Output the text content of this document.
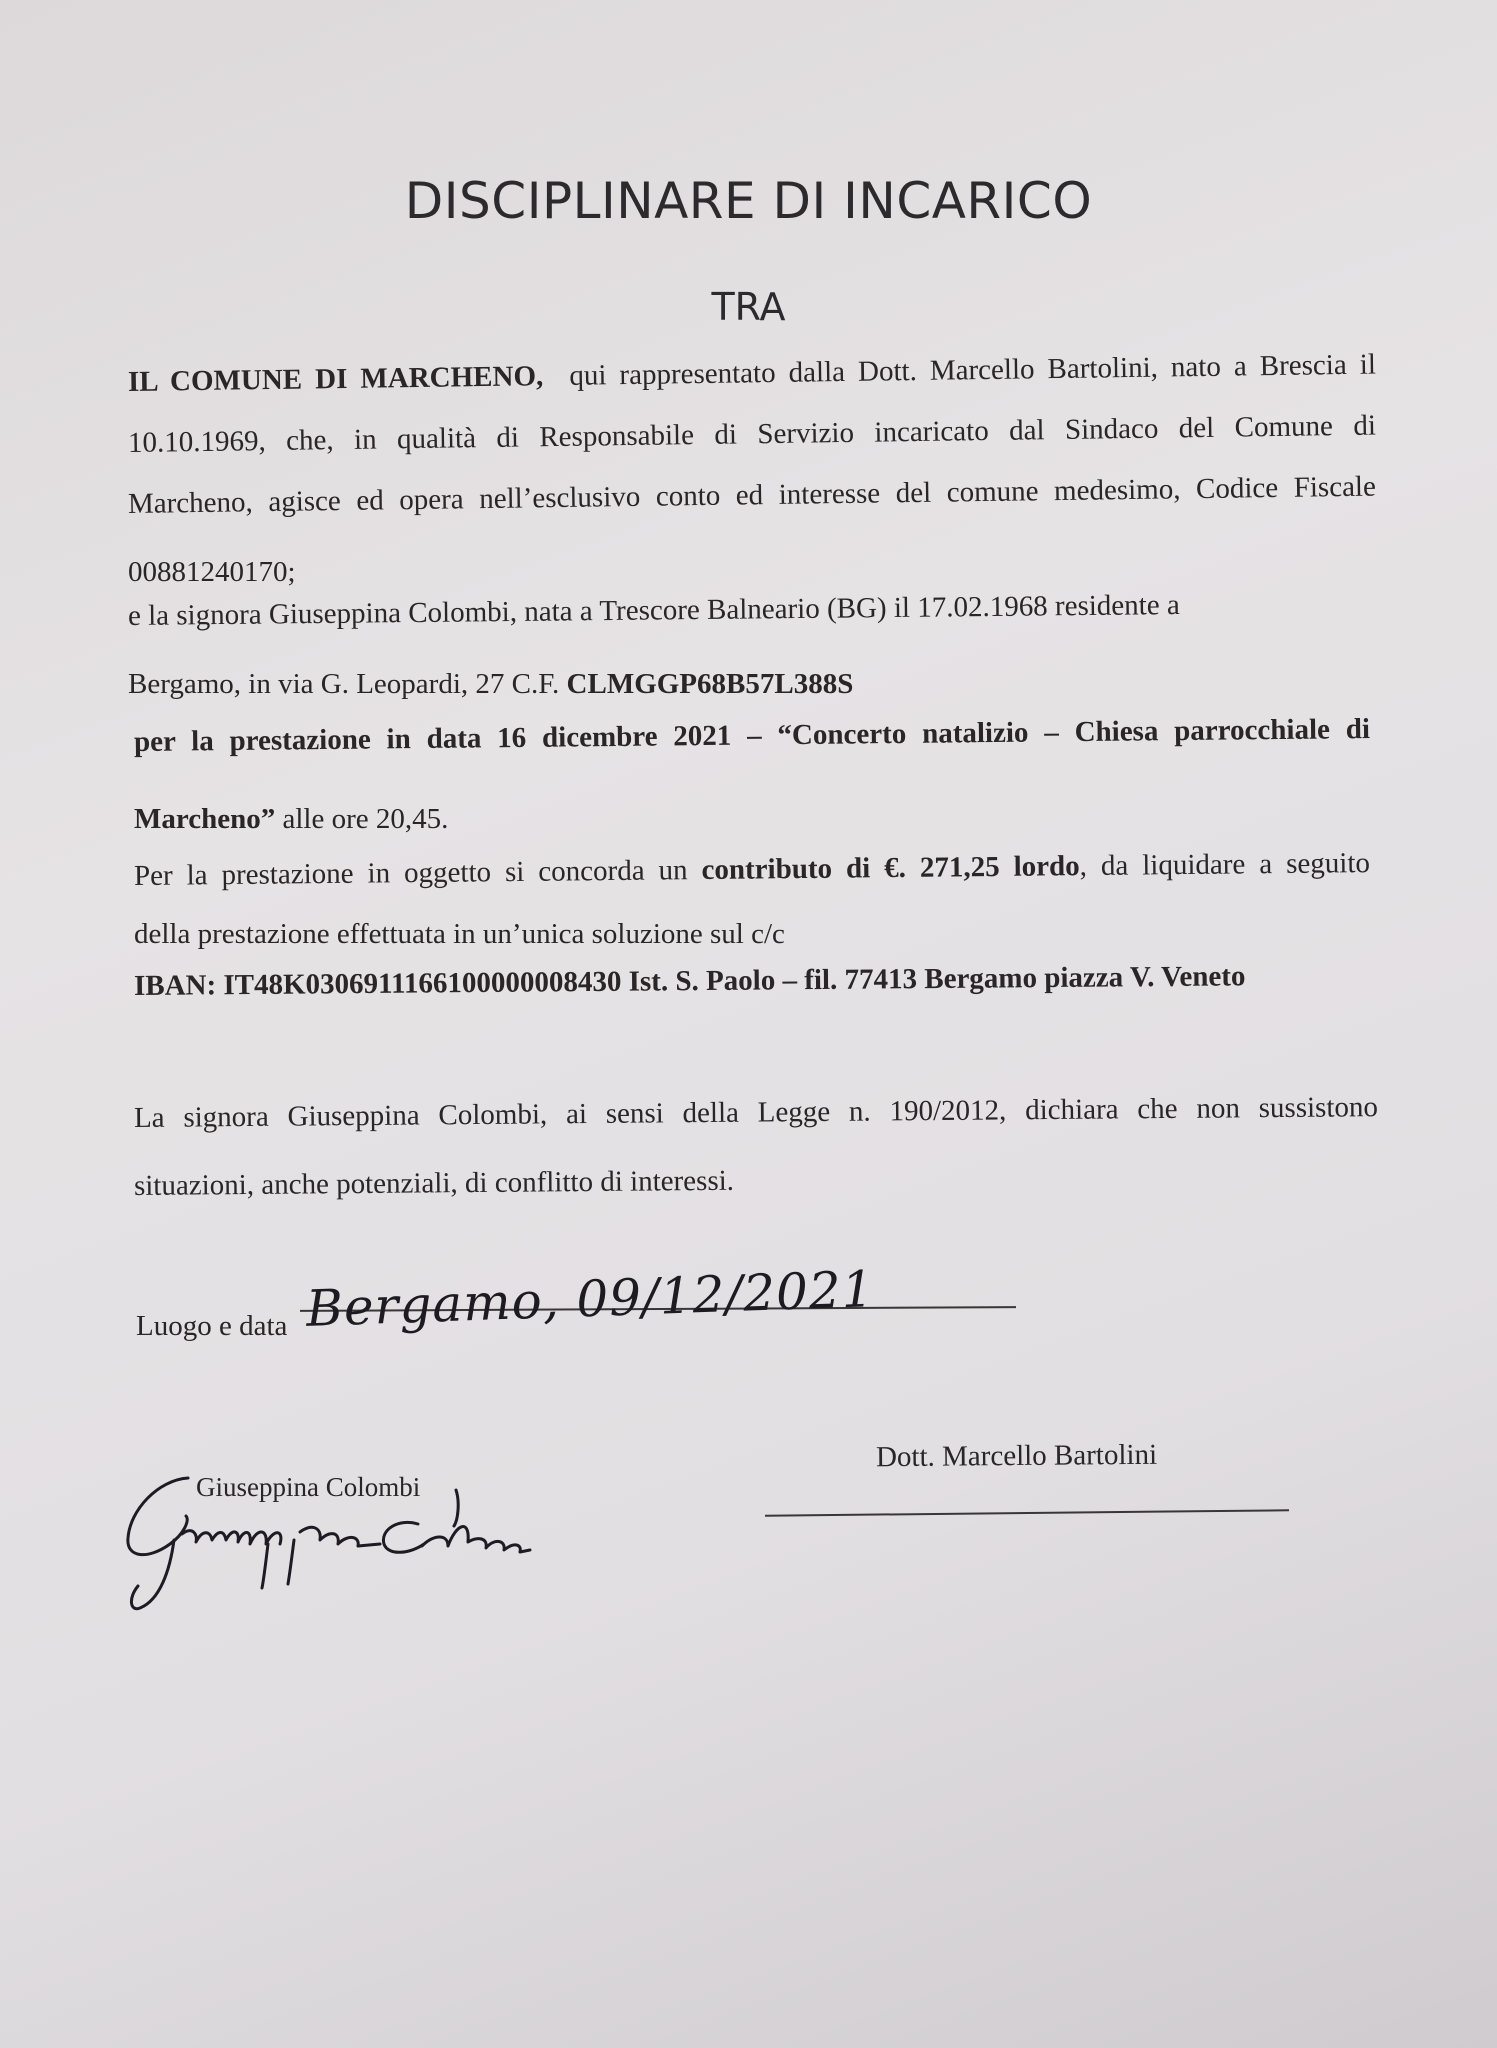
DISCIPLINARE DI INCARICO
TRA
IL COMUNE DI MARCHENO, qui rappresentato dalla Dott. Marcello Bartolini, nato a Brescia il
10.10.1969, che, in qualità di Responsabile di Servizio incaricato dal Sindaco del Comune di
Marcheno, agisce ed opera nell’esclusivo conto ed interesse del comune medesimo, Codice Fiscale
00881240170;
e la signora Giuseppina Colombi, nata a Trescore Balneario (BG) il 17.02.1968 residente a
Bergamo, in via G. Leopardi, 27 C.F. CLMGGP68B57L388S
per la prestazione in data 16 dicembre 2021 – “Concerto natalizio – Chiesa parrocchiale di
Marcheno” alle ore 20,45.
Per la prestazione in oggetto si concorda un contributo di €. 271,25 lordo, da liquidare a seguito
della prestazione effettuata in un’unica soluzione sul c/c
IBAN: IT48K0306911166100000008430 Ist. S. Paolo – fil. 77413 Bergamo piazza V. Veneto
La signora Giuseppina Colombi, ai sensi della Legge n. 190/2012, dichiara che non sussistono
situazioni, anche potenziali, di conflitto di interessi.
Luogo e data Bergamo, 09/12/2021
Giuseppina Colombi
Dott. Marcello Bartolini
